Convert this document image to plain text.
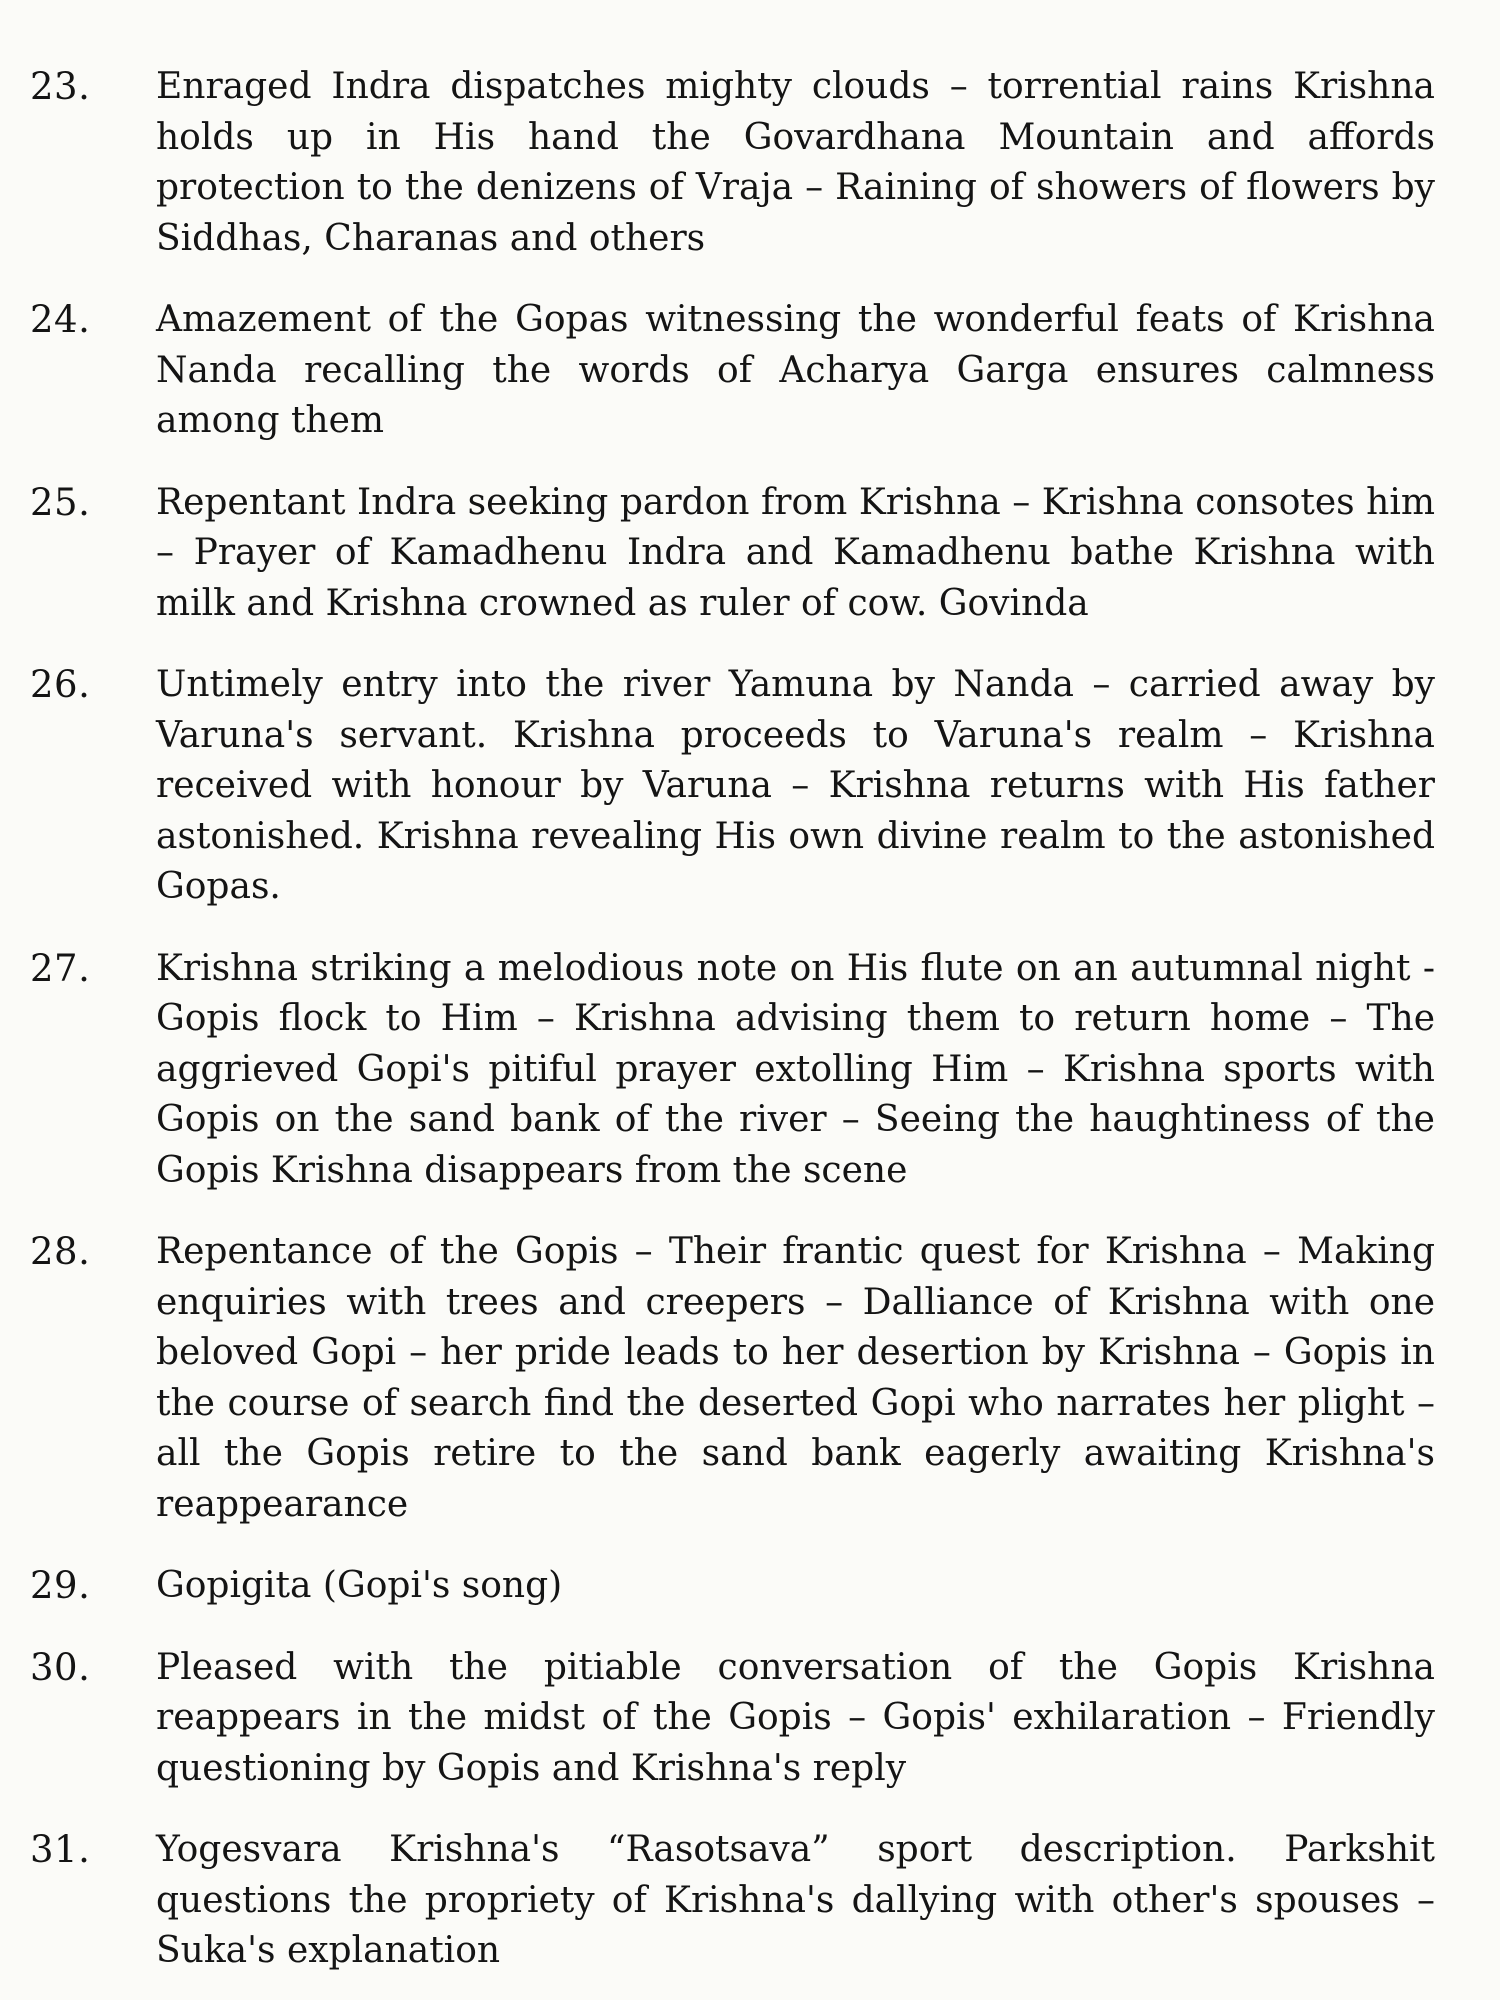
23.	Enraged Indra dispatches mighty clouds – torrential rains Krishna holds up in His hand the Govardhana Mountain and affords protection to the denizens of Vraja – Raining of showers of flowers by Siddhas, Charanas and others

24.	Amazement of the Gopas witnessing the wonderful feats of Krishna Nanda recalling the words of Acharya Garga ensures calmness among them

25.	Repentant Indra seeking pardon from Krishna – Krishna consotes him – Prayer of Kamadhenu Indra and Kamadhenu bathe Krishna with milk and Krishna crowned as ruler of cow. Govinda

26.	Untimely entry into the river Yamuna by Nanda – carried away by Varuna's servant. Krishna proceeds to Varuna's realm – Krishna received with honour by Varuna – Krishna returns with His father astonished. Krishna revealing His own divine realm to the astonished Gopas.

27.	Krishna striking a melodious note on His flute on an autumnal night - Gopis flock to Him – Krishna advising them to return home – The aggrieved Gopi's pitiful prayer extolling Him – Krishna sports with Gopis on the sand bank of the river – Seeing the haughtiness of the Gopis Krishna disappears from the scene

28.	Repentance of the Gopis – Their frantic quest for Krishna – Making enquiries with trees and creepers – Dalliance of Krishna with one beloved Gopi – her pride leads to her desertion by Krishna – Gopis in the course of search find the deserted Gopi who narrates her plight – all the Gopis retire to the sand bank eagerly awaiting Krishna's reappearance

29.	Gopigita (Gopi's song)

30.	Pleased with the pitiable conversation of the Gopis Krishna reappears in the midst of the Gopis – Gopis' exhilaration – Friendly questioning by Gopis and Krishna's reply

31.	Yogesvara Krishna's “Rasotsava” sport description. Parkshit questions the propriety of Krishna's dallying with other's spouses – Suka's explanation
